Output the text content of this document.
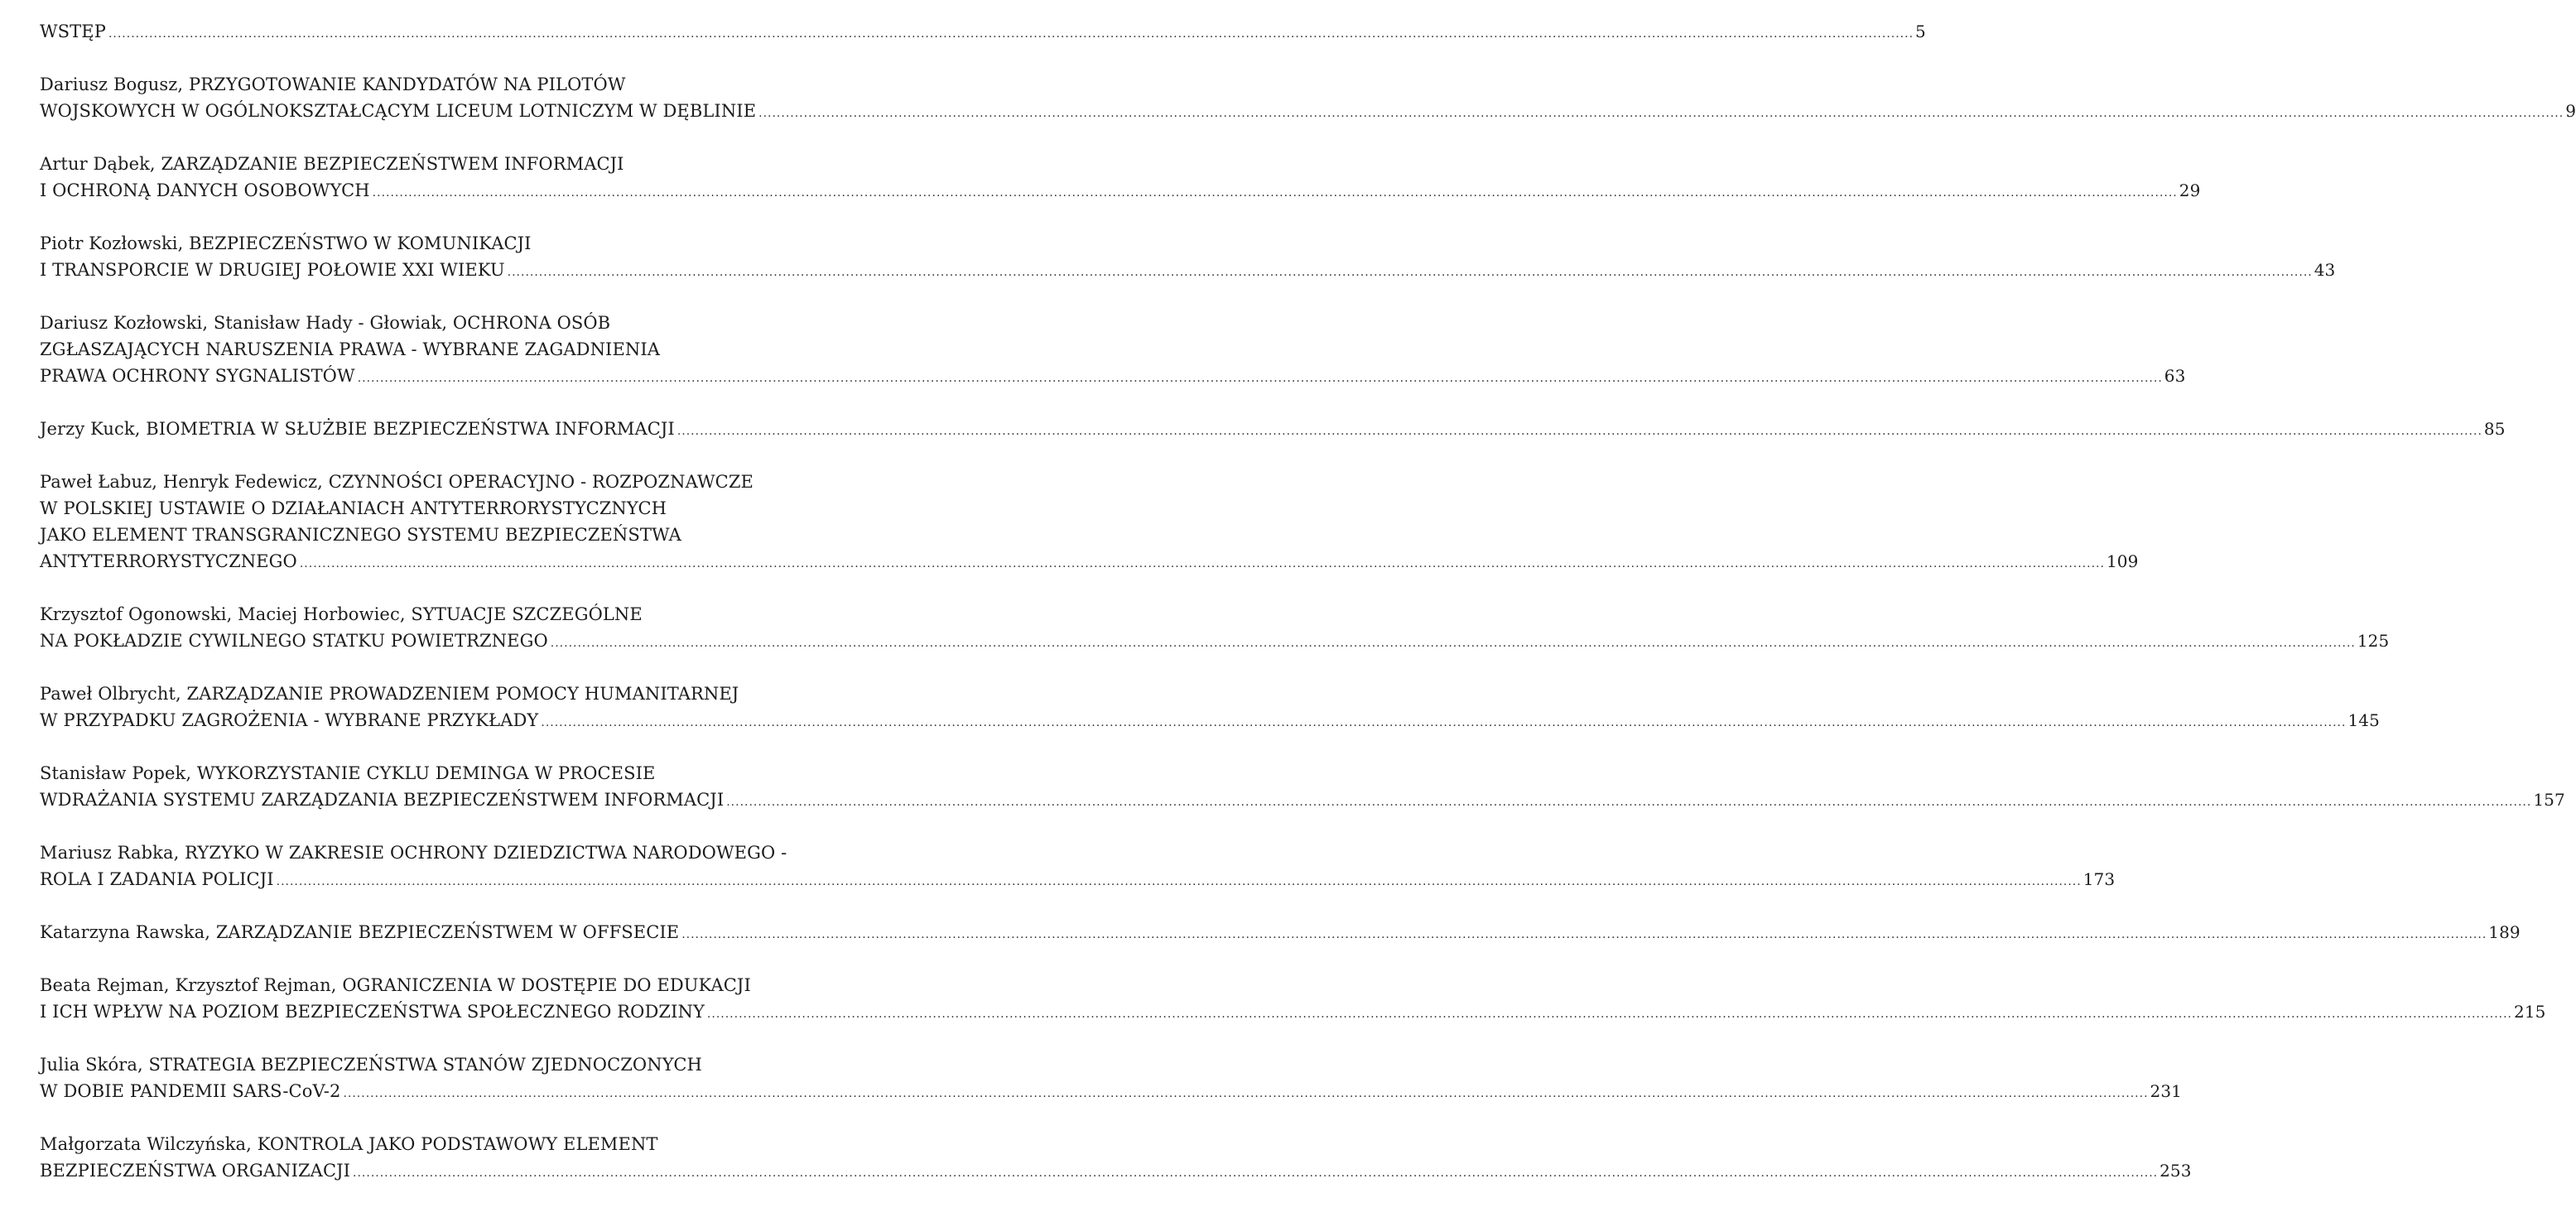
WSTĘP ................................................................................................................................................................................................................................................................................................................................................................................................................ 5
Dariusz Bogusz, PRZYGOTOWANIE KANDYDATÓW NA PILOTÓW
WOJSKOWYCH W OGÓLNOKSZTAŁCĄCYM LICEUM LOTNICZYM W DĘBLINIE ................................................................................................................................................................................................................................................................................................................................................................................................................ 9
Artur Dąbek, ZARZĄDZANIE BEZPIECZEŃSTWEM INFORMACJI
I OCHRONĄ DANYCH OSOBOWYCH ................................................................................................................................................................................................................................................................................................................................................................................................................ 29
Piotr Kozłowski, BEZPIECZEŃSTWO W KOMUNIKACJI
I TRANSPORCIE W DRUGIEJ POŁOWIE XXI WIEKU ................................................................................................................................................................................................................................................................................................................................................................................................................ 43
Dariusz Kozłowski, Stanisław Hady - Głowiak, OCHRONA OSÓB
ZGŁASZAJĄCYCH NARUSZENIA PRAWA - WYBRANE ZAGADNIENIA
PRAWA OCHRONY SYGNALISTÓW ................................................................................................................................................................................................................................................................................................................................................................................................................ 63
Jerzy Kuck, BIOMETRIA W SŁUŻBIE BEZPIECZEŃSTWA INFORMACJI ................................................................................................................................................................................................................................................................................................................................................................................................................ 85
Paweł Łabuz, Henryk Fedewicz, CZYNNOŚCI OPERACYJNO - ROZPOZNAWCZE
W POLSKIEJ USTAWIE O DZIAŁANIACH ANTYTERRORYSTYCZNYCH
JAKO ELEMENT TRANSGRANICZNEGO SYSTEMU BEZPIECZEŃSTWA
ANTYTERRORYSTYCZNEGO ................................................................................................................................................................................................................................................................................................................................................................................................................ 109
Krzysztof Ogonowski, Maciej Horbowiec, SYTUACJE SZCZEGÓLNE
NA POKŁADZIE CYWILNEGO STATKU POWIETRZNEGO ................................................................................................................................................................................................................................................................................................................................................................................................................ 125
Paweł Olbrycht, ZARZĄDZANIE PROWADZENIEM POMOCY HUMANITARNEJ
W PRZYPADKU ZAGROŻENIA - WYBRANE PRZYKŁADY ................................................................................................................................................................................................................................................................................................................................................................................................................ 145
Stanisław Popek, WYKORZYSTANIE CYKLU DEMINGA W PROCESIE
WDRAŻANIA SYSTEMU ZARZĄDZANIA BEZPIECZEŃSTWEM INFORMACJI ................................................................................................................................................................................................................................................................................................................................................................................................................ 157
Mariusz Rabka, RYZYKO W ZAKRESIE OCHRONY DZIEDZICTWA NARODOWEGO -
ROLA I ZADANIA POLICJI ................................................................................................................................................................................................................................................................................................................................................................................................................ 173
Katarzyna Rawska, ZARZĄDZANIE BEZPIECZEŃSTWEM W OFFSECIE ................................................................................................................................................................................................................................................................................................................................................................................................................ 189
Beata Rejman, Krzysztof Rejman, OGRANICZENIA W DOSTĘPIE DO EDUKACJI
I ICH WPŁYW NA POZIOM BEZPIECZEŃSTWA SPOŁECZNEGO RODZINY ................................................................................................................................................................................................................................................................................................................................................................................................................ 215
Julia Skóra, STRATEGIA BEZPIECZEŃSTWA STANÓW ZJEDNOCZONYCH
W DOBIE PANDEMII SARS-CoV-2 ................................................................................................................................................................................................................................................................................................................................................................................................................ 231
Małgorzata Wilczyńska, KONTROLA JAKO PODSTAWOWY ELEMENT
BEZPIECZEŃSTWA ORGANIZACJI ................................................................................................................................................................................................................................................................................................................................................................................................................ 253
